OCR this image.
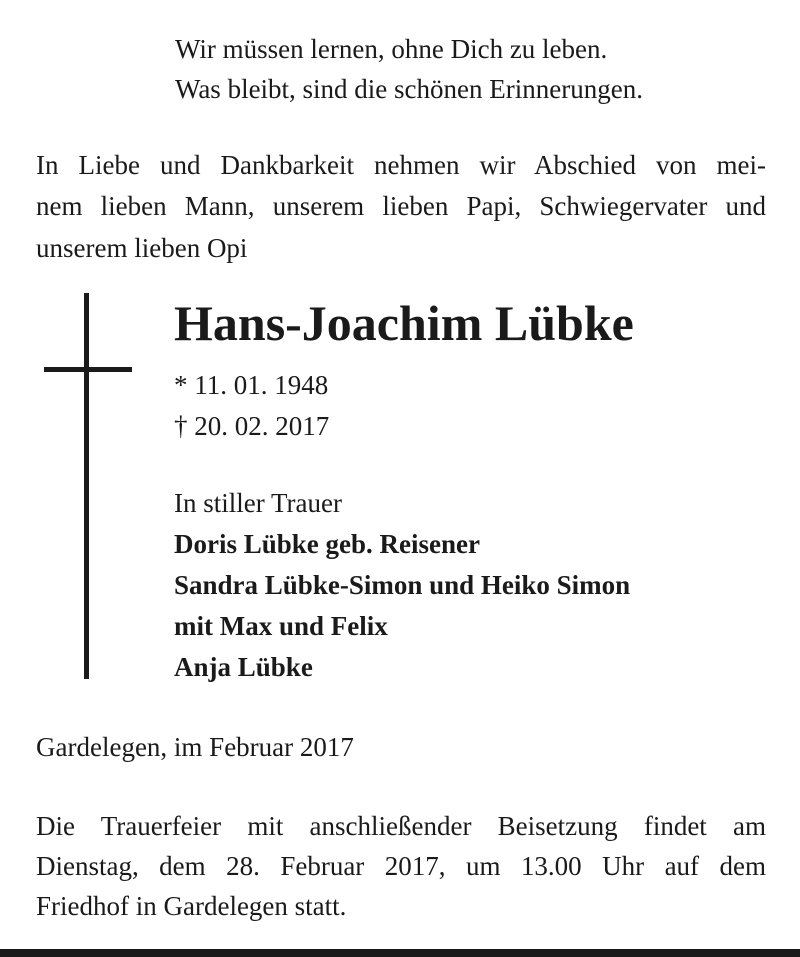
Wir müssen lernen, ohne Dich zu leben.
Was bleibt, sind die schönen Erinnerungen.
In Liebe und Dankbarkeit nehmen wir Abschied von mei-
nem lieben Mann, unserem lieben Papi, Schwiegervater und
unserem lieben Opi
Hans-Joachim Lübke
* 11. 01. 1948
† 20. 02. 2017
In stiller Trauer
Doris Lübke geb. Reisener
Sandra Lübke-Simon und Heiko Simon
mit Max und Felix
Anja Lübke
Gardelegen, im Februar 2017
Die Trauerfeier mit anschließender Beisetzung findet am
Dienstag, dem 28. Februar 2017, um 13.00 Uhr auf dem
Friedhof in Gardelegen statt.
